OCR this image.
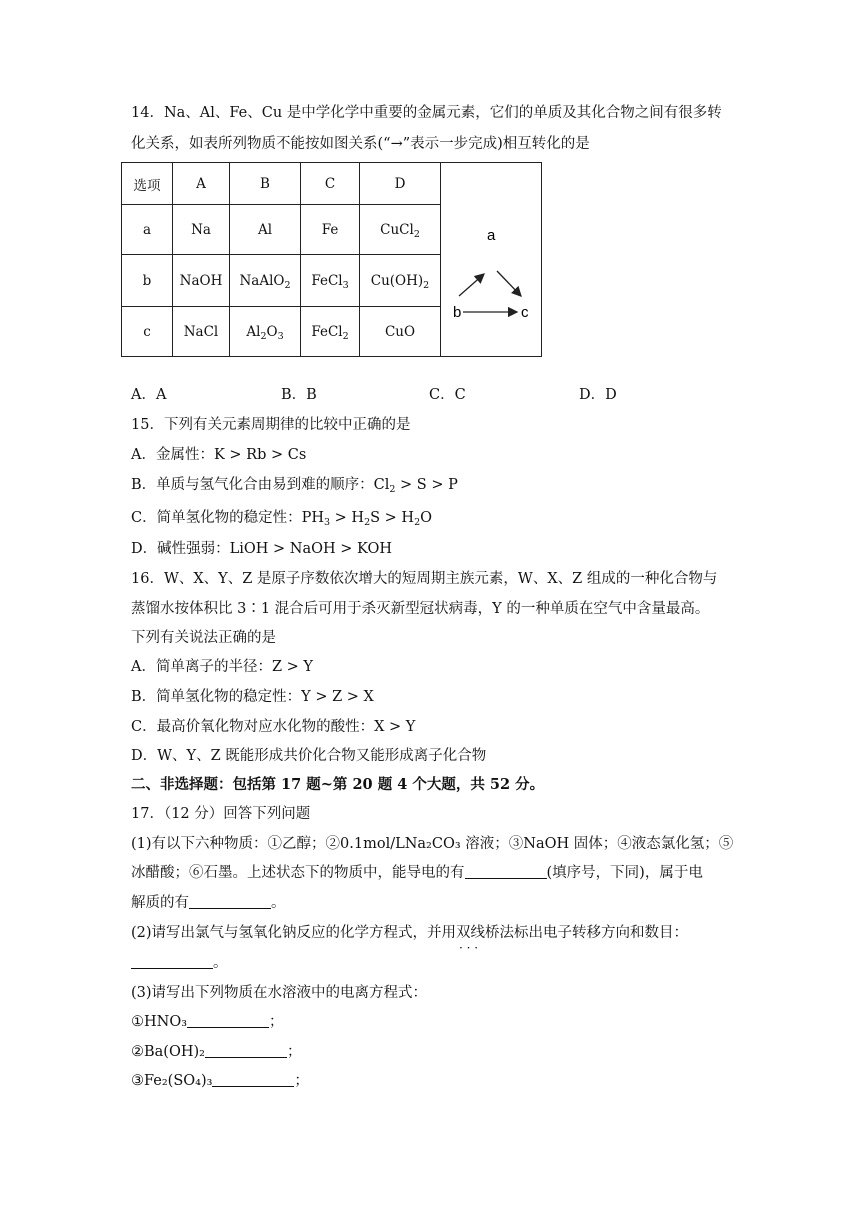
14．Na、Al、Fe、Cu 是中学化学中重要的金属元素，它们的单质及其化合物之间有很多转
化关系，如表所列物质不能按如图关系(“→”表示一步完成)相互转化的是
选项	A	B	C	D	a
b c

a	Na	Al	Fe	CuCl$_2$
b	NaOH	NaAlO$_2$	FeCl$_3$	$Cu(OH)_2$
c	NaCl	$Al_2O_3$	FeCl$_2$	CuO	
A．A	B．B	C．C	D．D
15．下列有关元素周期律的比较中正确的是
A．金属性：K > Rb > Cs
B．单质与氢气化合由易到难的顺序：$Cl_2 > S > P$
C．简单氢化物的稳定性：$PH_3 > H_2S > H_2O$
D．碱性强弱：LiOH > NaOH > KOH
16．W、X、Y、Z 是原子序数依次增大的短周期主族元素，W、X、Z 组成的一种化合物与
蒸馏水按体积比 3∶1 混合后可用于杀灭新型冠状病毒，Y 的一种单质在空气中含量最高。
下列有关说法正确的是
A．简单离子的半径：Z > Y
B．简单氢化物的稳定性：Y > Z > X
C．最高价氧化物对应水化物的酸性：X > Y
D．W、Y、Z 既能形成共价化合物又能形成离子化合物
二、非选择题：包括第 17 题~第 20 题 4 个大题，共 52 分。
17．（12 分）回答下列问题
(1)有以下六种物质：①乙醇；②0.1mol/LNa₂CO₃ 溶液；③NaOH 固体；④液态氯化氢；⑤
冰醋酸；⑥石墨。上述状态下的物质中，能导电的有	(填序号，下同)，属于电
解质的有	。
(2)请写出氯气与氢氧化钠反应的化学方程式，并用双线桥 · · ·法标出电子转移方向和数目：
。
(3)请写出下列物质在水溶液中的电离方程式：
①HNO₃	；
②Ba(OH)₂	；
③Fe₂(SO₄)₃	；
